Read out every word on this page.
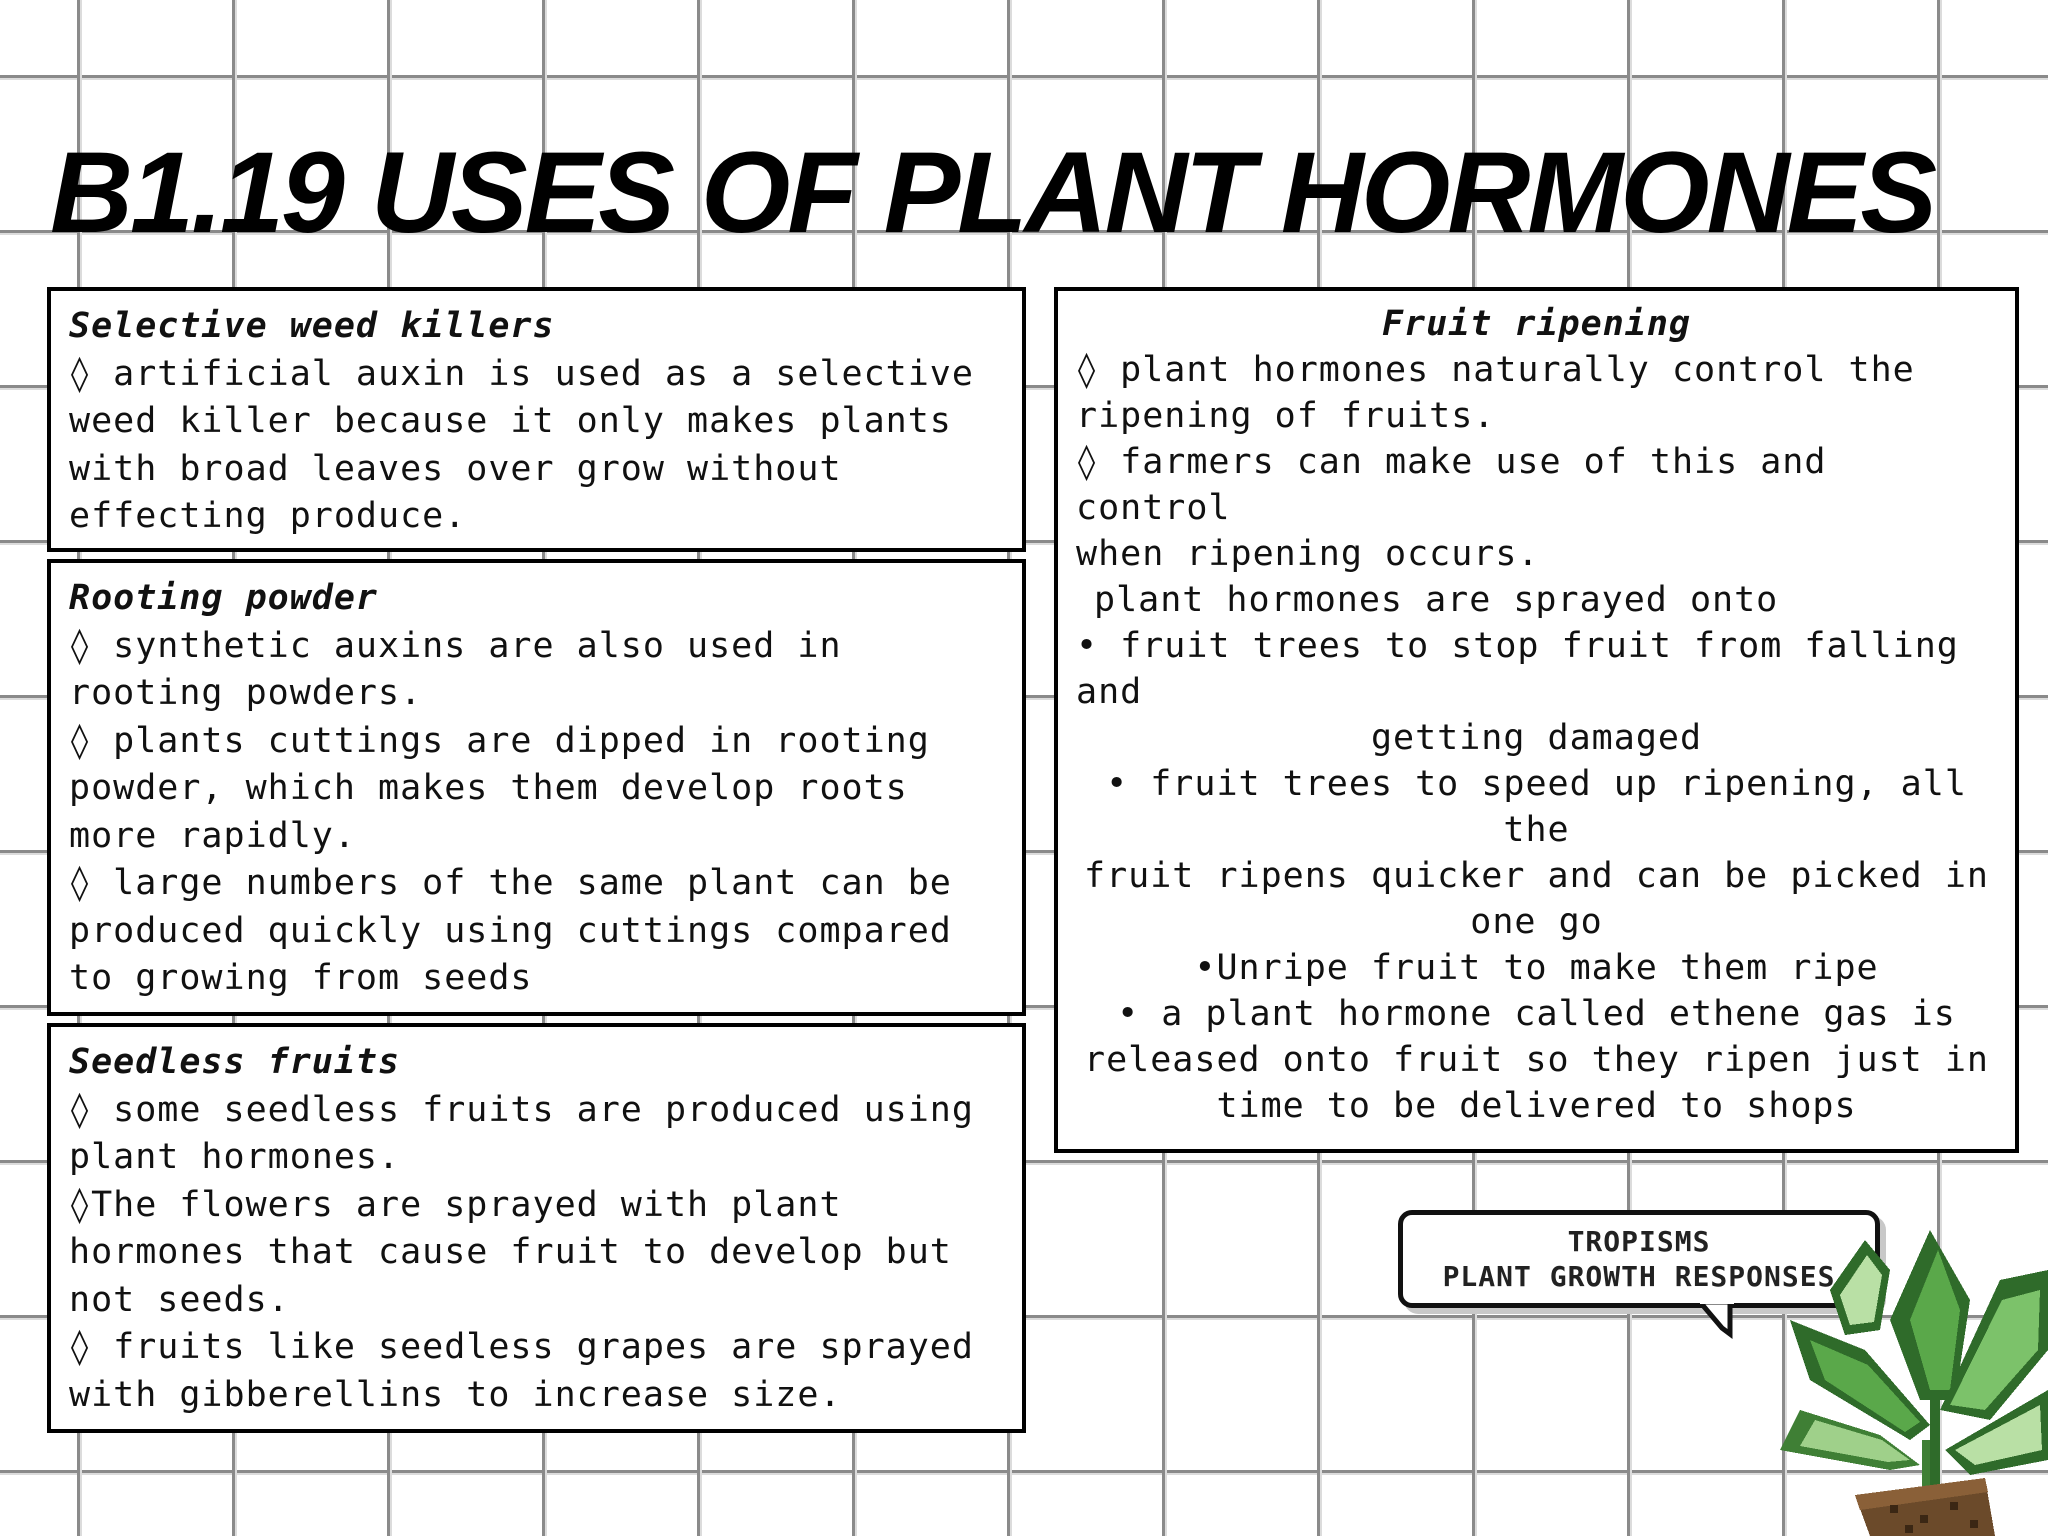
B1.19 USES OF PLANT HORMONES

Selective weed killers

◊ artificial auxin is used as a selective

weed killer because it only makes plants

with broad leaves over grow without

effecting produce.

Rooting powder

◊ synthetic auxins are also used in

rooting powders.

◊ plants cuttings are dipped in rooting

powder, which makes them develop roots

more rapidly.

◊ large numbers of the same plant can be

produced quickly using cuttings compared

to growing from seeds

Seedless fruits

◊ some seedless fruits are produced using

plant hormones.

◊The flowers are sprayed with plant

hormones that cause fruit to develop but

not seeds.

◊ fruits like seedless grapes are sprayed

with gibberellins to increase size.

Fruit ripening

◊ plant hormones naturally control the

ripening of fruits.

◊ farmers can make use of this and control

when ripening occurs.

plant hormones are sprayed onto

• fruit trees to stop fruit from falling and

getting damaged

• fruit trees to speed up ripening, all the

fruit ripens quicker and can be picked in

one go

•Unripe fruit to make them ripe

• a plant hormone called ethene gas is

released onto fruit so they ripen just in

time to be delivered to shops

TROPISMS
PLANT GROWTH RESPONSES
